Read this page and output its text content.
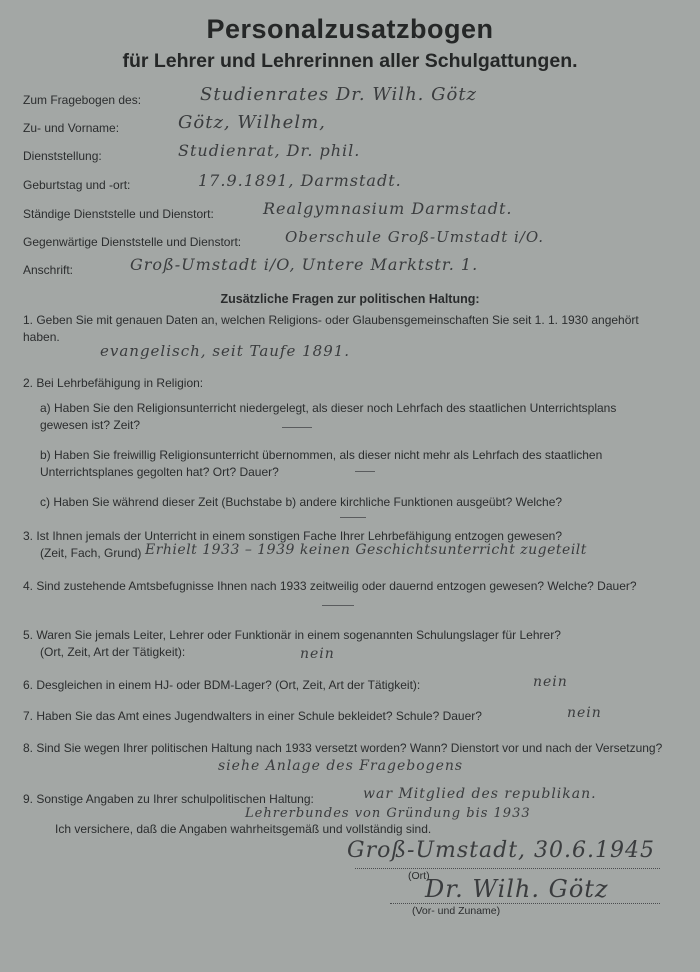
Personalzusatzbogen
für Lehrer und Lehrerinnen aller Schulgattungen.
Zum Fragebogen des:	Studienrates Dr. Wilh. Götz
Zu- und Vorname:	Götz, Wilhelm,
Dienststellung:	Studienrat, Dr. phil.
Geburtstag und -ort:	17.9.1891, Darmstadt.
Ständige Dienststelle und Dienstort:	Realgymnasium Darmstadt.
Gegenwärtige Dienststelle und Dienstort:	Oberschule Groß-Umstadt i/O.
Anschrift:	Groß-Umstadt i/O, Untere Marktstr. 1.
Zusätzliche Fragen zur politischen Haltung:
1. Geben Sie mit genauen Daten an, welchen Religions- oder Glaubensgemeinschaften Sie seit 1. 1. 1930 angehört haben.
evangelisch, seit Taufe 1891.
2. Bei Lehrbefähigung in Religion:
a) Haben Sie den Religionsunterricht niedergelegt, als dieser noch Lehrfach des staatlichen Unterrichtsplans gewesen ist? Zeit?
b) Haben Sie freiwillig Religionsunterricht übernommen, als dieser nicht mehr als Lehrfach des staatlichen Unterrichtsplanes gegolten hat? Ort? Dauer?
c) Haben Sie während dieser Zeit (Buchstabe b) andere kirchliche Funktionen ausgeübt? Welche?
3. Ist Ihnen jemals der Unterricht in einem sonstigen Fache Ihrer Lehrbefähigung entzogen gewesen?
(Zeit, Fach, Grund) Erhielt 1933 – 1939 keinen Geschichtsunterricht zugeteilt
4. Sind zustehende Amtsbefugnisse Ihnen nach 1933 zeitweilig oder dauernd entzogen gewesen? Welche? Dauer?
5. Waren Sie jemals Leiter, Lehrer oder Funktionär in einem sogenannten Schulungslager für Lehrer?
(Ort, Zeit, Art der Tätigkeit):	nein
6. Desgleichen in einem HJ- oder BDM-Lager? (Ort, Zeit, Art der Tätigkeit):	nein
7. Haben Sie das Amt eines Jugendwalters in einer Schule bekleidet? Schule? Dauer?	nein
8. Sind Sie wegen Ihrer politischen Haltung nach 1933 versetzt worden? Wann? Dienstort vor und nach der Versetzung?
siehe Anlage des Fragebogens
9. Sonstige Angaben zu Ihrer schulpolitischen Haltung:	war Mitglied des republikan.
Lehrerbundes von Gründung bis 1933
Ich versichere, daß die Angaben wahrheitsgemäß und vollständig sind.
Groß-Umstadt, 30.6.1945
(Ort)
Dr. Wilh. Götz
(Vor- und Zuname)
